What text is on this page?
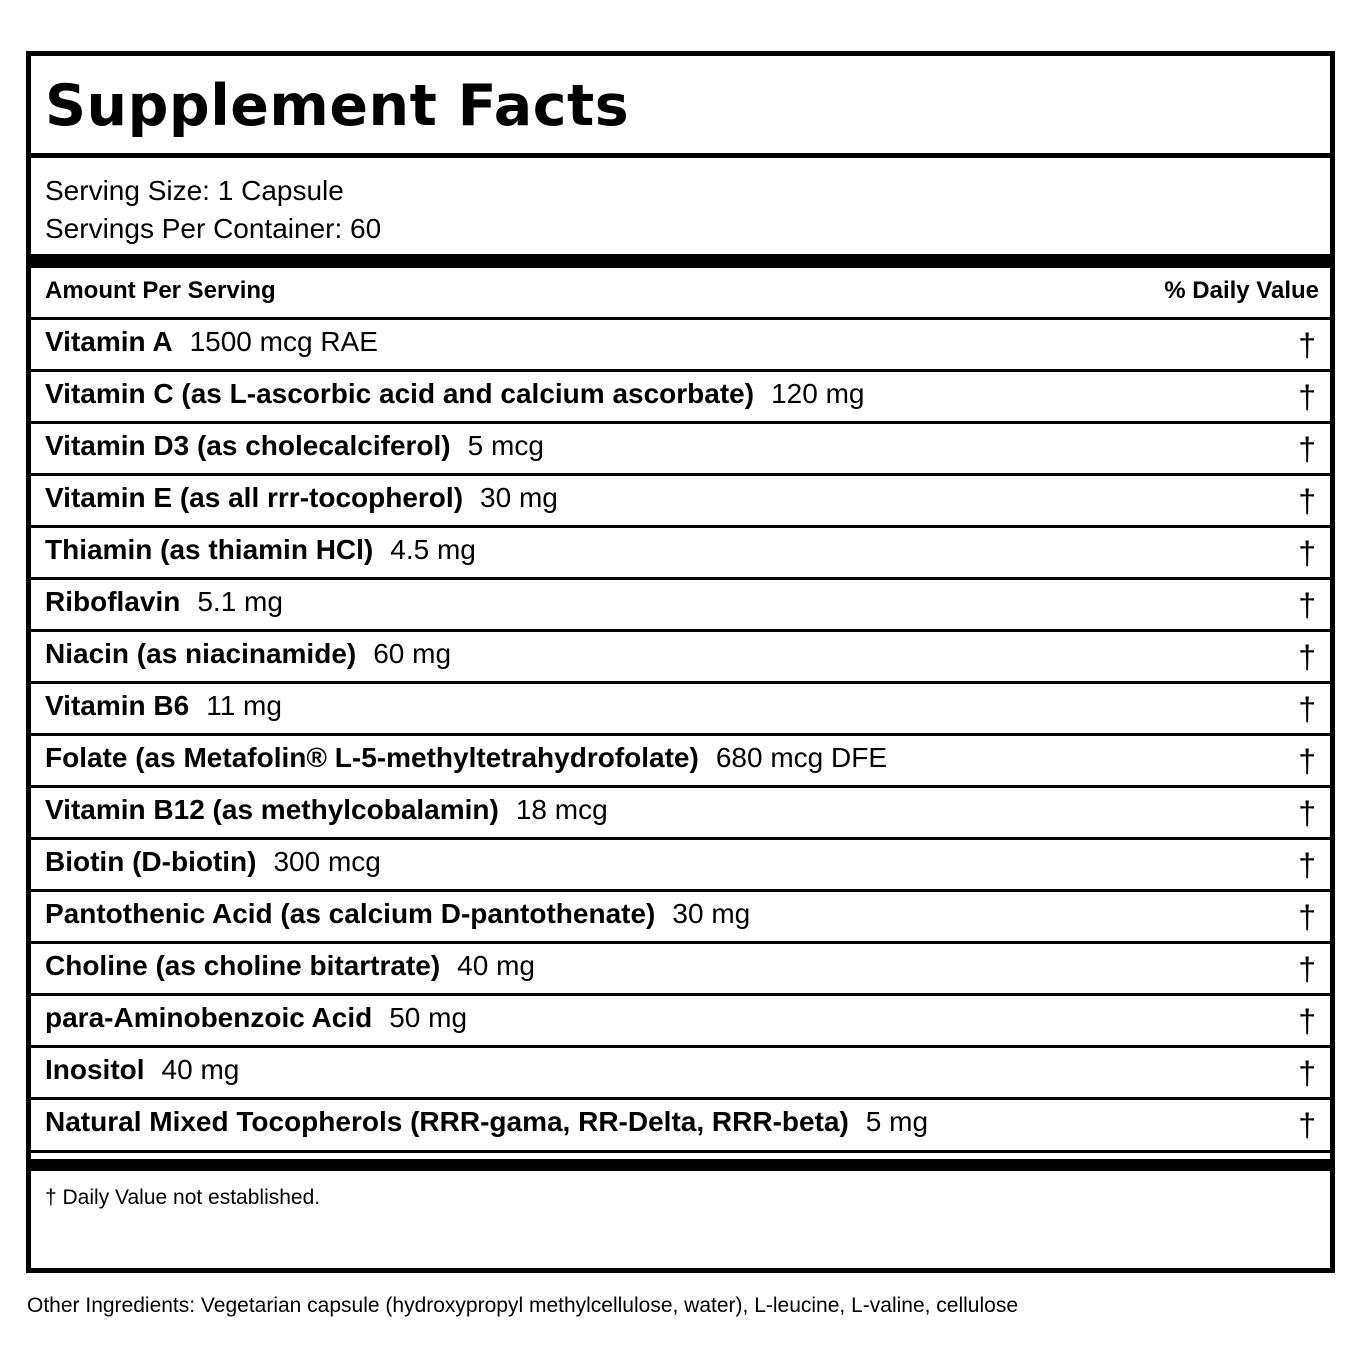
Supplement Facts
Serving Size: 1 Capsule
Servings Per Container: 60
Amount Per Serving	% Daily Value
Vitamin A 1500 mcg RAE	†
Vitamin C (as L-ascorbic acid and calcium ascorbate) 120 mg	†
Vitamin D3 (as cholecalciferol) 5 mcg	†
Vitamin E (as all rrr-tocopherol) 30 mg	†
Thiamin (as thiamin HCl) 4.5 mg	†
Riboflavin 5.1 mg	†
Niacin (as niacinamide) 60 mg	†
Vitamin B6 11 mg	†
Folate (as Metafolin® L-5-methyltetrahydrofolate) 680 mcg DFE	†
Vitamin B12 (as methylcobalamin) 18 mcg	†
Biotin (D-biotin) 300 mcg	†
Pantothenic Acid (as calcium D-pantothenate) 30 mg	†
Choline (as choline bitartrate) 40 mg	†
para-Aminobenzoic Acid 50 mg	†
Inositol 40 mg	†
Natural Mixed Tocopherols (RRR-gama, RR-Delta, RRR-beta) 5 mg	†
† Daily Value not established.
Other Ingredients: Vegetarian capsule (hydroxypropyl methylcellulose, water), L-leucine, L-valine, cellulose
